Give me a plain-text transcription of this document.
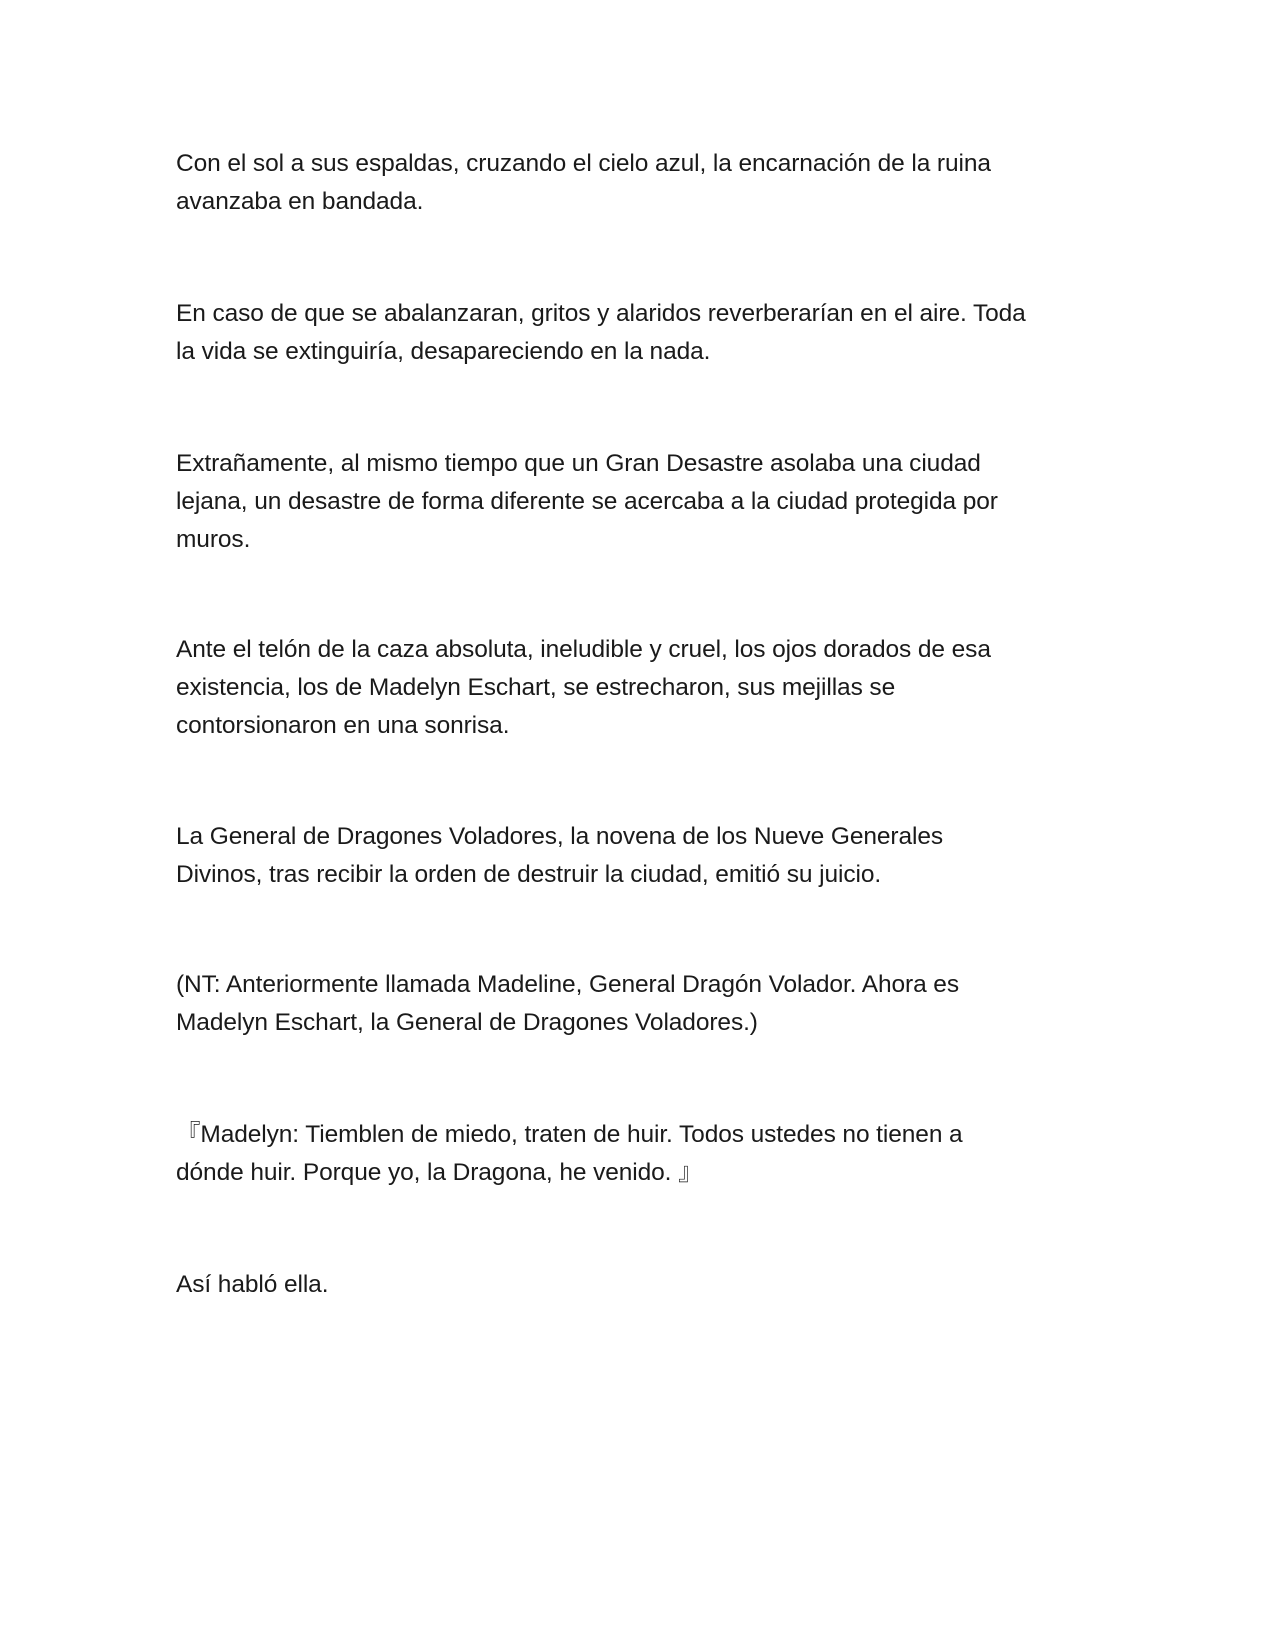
Con el sol a sus espaldas, cruzando el cielo azul, la encarnación de la ruina
avanzaba en bandada.

En caso de que se abalanzaran, gritos y alaridos reverberarían en el aire. Toda
la vida se extinguiría, desapareciendo en la nada.

Extrañamente, al mismo tiempo que un Gran Desastre asolaba una ciudad
lejana, un desastre de forma diferente se acercaba a la ciudad protegida por
muros.

Ante el telón de la caza absoluta, ineludible y cruel, los ojos dorados de esa
existencia, los de Madelyn Eschart, se estrecharon, sus mejillas se
contorsionaron en una sonrisa.

La General de Dragones Voladores, la novena de los Nueve Generales
Divinos, tras recibir la orden de destruir la ciudad, emitió su juicio.

(NT: Anteriormente llamada Madeline, General Dragón Volador. Ahora es
Madelyn Eschart, la General de Dragones Voladores.)

『Madelyn: Tiemblen de miedo, traten de huir. Todos ustedes no tienen a
dónde huir. Porque yo, la Dragona, he venido. 』

Así habló ella.
